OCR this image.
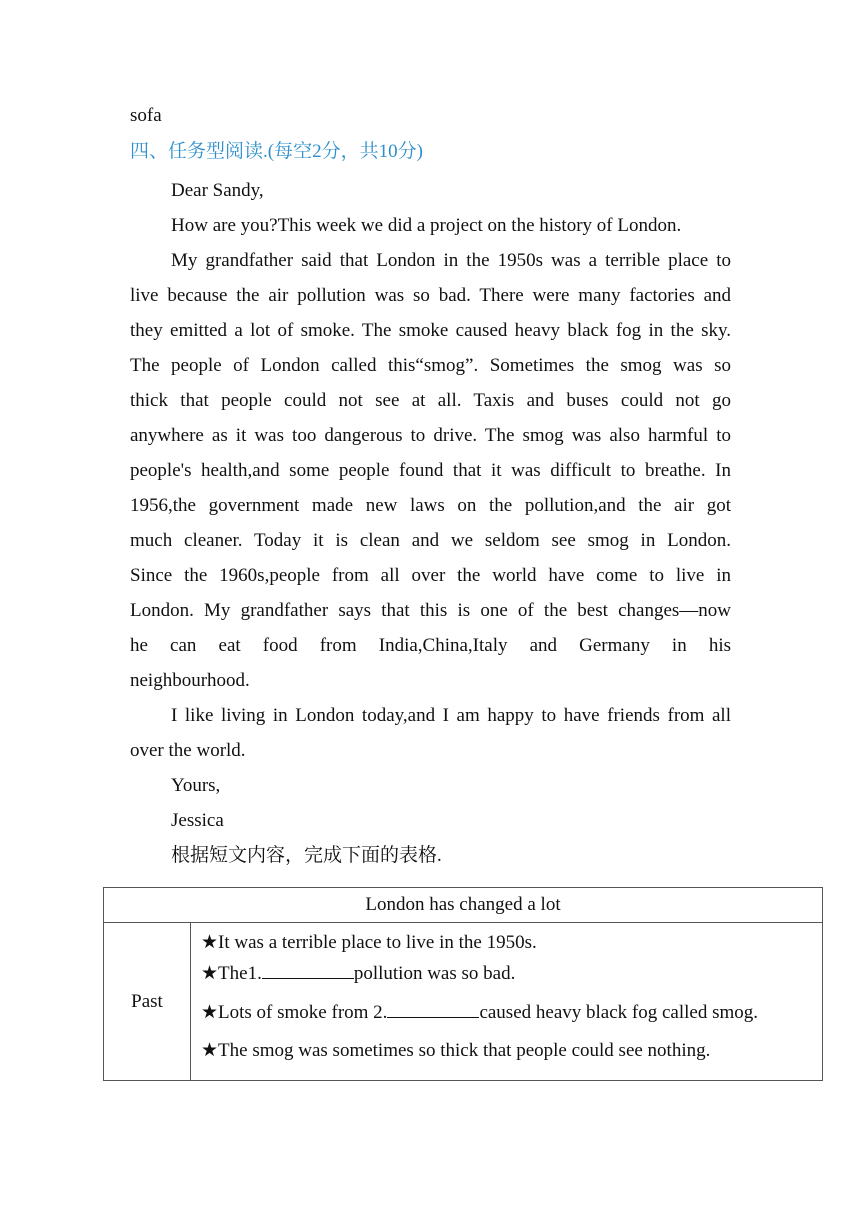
sofa
四、任务型阅读.(每空2分，共10分)
Dear Sandy,
How are you?This week we did a project on the history of London.
My grandfather said that London in the 1950s was a terrible place to
live because the air pollution was so bad. There were many factories and
they emitted a lot of smoke. The smoke caused heavy black fog in the sky.
The people of London called this“smog”. Sometimes the smog was so
thick that people could not see at all. Taxis and buses could not go
anywhere as it was too dangerous to drive. The smog was also harmful to
people's health,and some people found that it was difficult to breathe. In
1956,the government made new laws on the pollution,and the air got
much cleaner. Today it is clean and we seldom see smog in London.
Since the 1960s,people from all over the world have come to live in
London. My grandfather says that this is one of the best changes—now
he can eat food from India,China,Italy and Germany in his
neighbourhood.
I like living in London today,and I am happy to have friends from all
over the world.
Yours,
Jessica
根据短文内容，完成下面的表格.
London has changed a lot
Past	
★It was a terrible place to live in the 1950s.
★The1.	pollution was so bad.
★Lots of smoke from 2.	caused heavy black fog called smog.
★The smog was sometimes so thick that people could see nothing.
